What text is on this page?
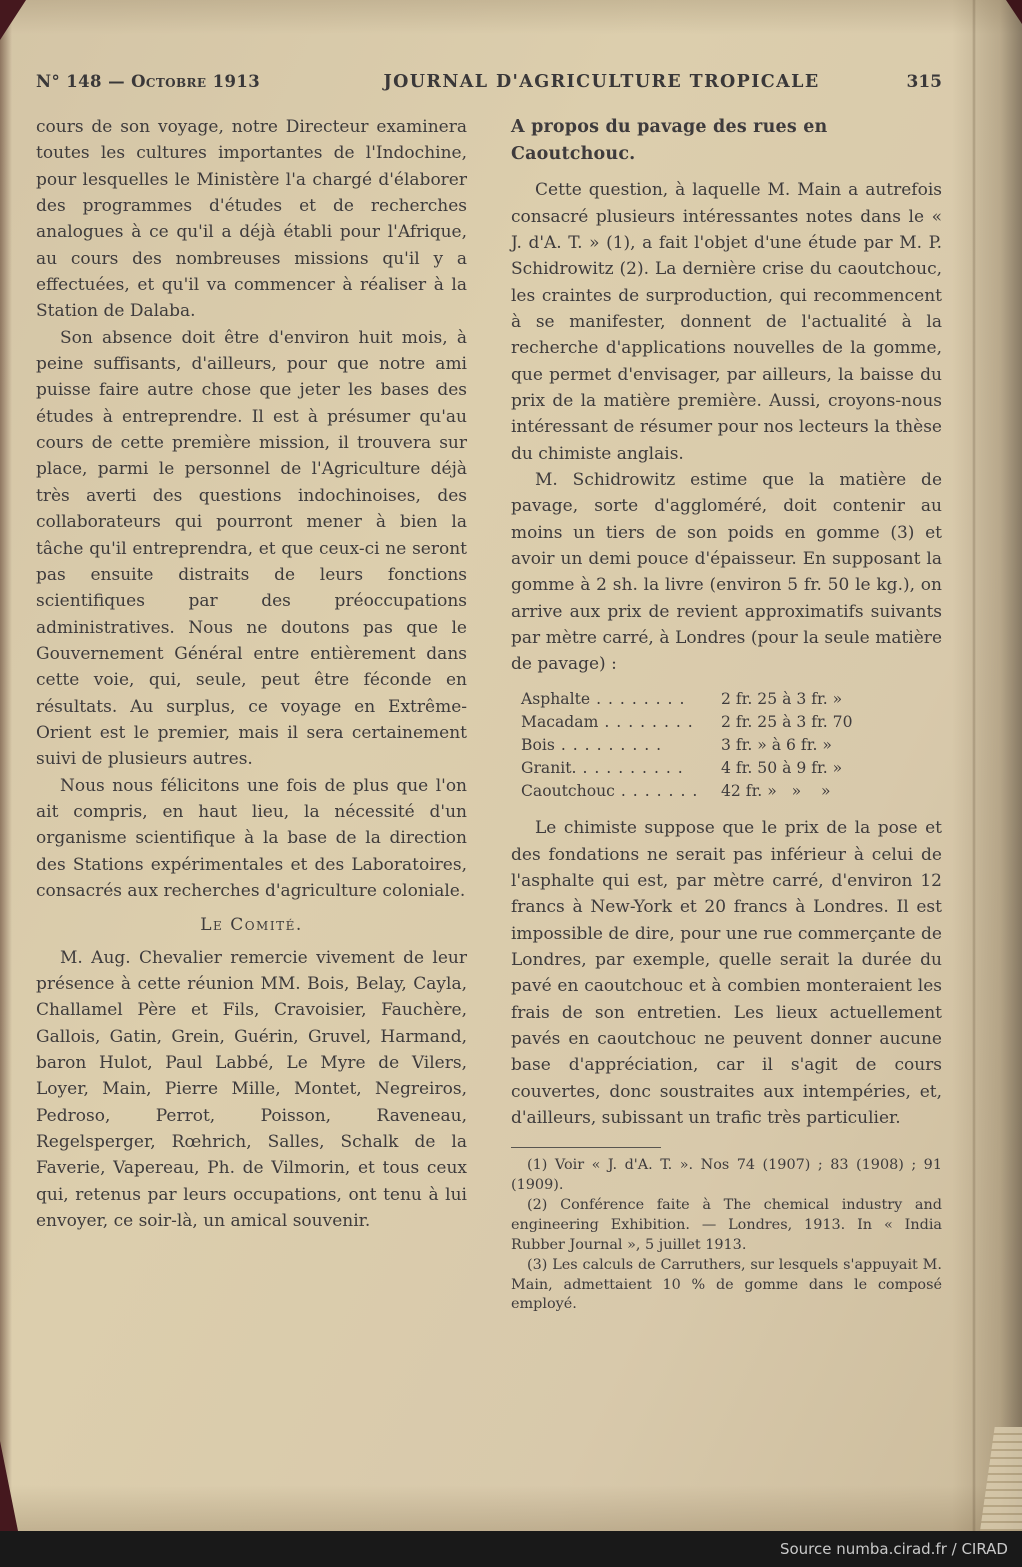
N° 148 — Octobre 1913	JOURNAL D'AGRICULTURE TROPICALE	315

cours de son voyage, notre Directeur examinera toutes les cultures importantes de l'Indochine, pour lesquelles le Ministère l'a chargé d'élaborer des programmes d'études et de recherches analogues à ce qu'il a déjà établi pour l'Afrique, au cours des nombreuses missions qu'il y a effectuées, et qu'il va commencer à réaliser à la Station de Dalaba.

Son absence doit être d'environ huit mois, à peine suffisants, d'ailleurs, pour que notre ami puisse faire autre chose que jeter les bases des études à entreprendre. Il est à présumer qu'au cours de cette première mission, il trouvera sur place, parmi le personnel de l'Agriculture déjà très averti des questions indochinoises, des collaborateurs qui pourront mener à bien la tâche qu'il entreprendra, et que ceux-ci ne seront pas ensuite distraits de leurs fonctions scientifiques par des préoccupations administratives. Nous ne doutons pas que le Gouvernement Général entre entièrement dans cette voie, qui, seule, peut être féconde en résultats. Au surplus, ce voyage en Extrême-Orient est le premier, mais il sera certainement suivi de plusieurs autres.

Nous nous félicitons une fois de plus que l'on ait compris, en haut lieu, la nécessité d'un organisme scientifique à la base de la direction des Stations expérimentales et des Laboratoires, consacrés aux recherches d'agriculture coloniale.

Le Comité.

M. Aug. Chevalier remercie vivement de leur présence à cette réunion MM. Bois, Belay, Cayla, Challamel Père et Fils, Cravoisier, Fauchère, Gallois, Gatin, Grein, Guérin, Gruvel, Harmand, baron Hulot, Paul Labbé, Le Myre de Vilers, Loyer, Main, Pierre Mille, Montet, Negreiros, Pedroso, Perrot, Poisson, Raveneau, Regelsperger, Rœhrich, Salles, Schalk de la Faverie, Vapereau, Ph. de Vilmorin, et tous ceux qui, retenus par leurs occupations, ont tenu à lui envoyer, ce soir-là, un amical souvenir.

A propos du pavage des rues en Caoutchouc.

Cette question, à laquelle M. Main a autrefois consacré plusieurs intéressantes notes dans le « J. d'A. T. » (1), a fait l'objet d'une étude par M. P. Schidrowitz (2). La dernière crise du caoutchouc, les craintes de surproduction, qui recommencent à se manifester, donnent de l'actualité à la recherche d'applications nouvelles de la gomme, que permet d'envisager, par ailleurs, la baisse du prix de la matière première. Aussi, croyons-nous intéressant de résumer pour nos lecteurs la thèse du chimiste anglais.

M. Schidrowitz estime que la matière de pavage, sorte d'aggloméré, doit contenir au moins un tiers de son poids en gomme (3) et avoir un demi pouce d'épaisseur. En supposant la gomme à 2 sh. la livre (environ 5 fr. 50 le kg.), on arrive aux prix de revient approximatifs suivants par mètre carré, à Londres (pour la seule matière de pavage) :

Asphalte . . . . . . . .	2 fr. 25 à 3 fr. »
Macadam . . . . . . . .	2 fr. 25 à 3 fr. 70
Bois . . . . . . . . .	3 fr. » à 6 fr. »
Granit. . . . . . . . . .	4 fr. 50 à 9 fr. »
Caoutchouc . . . . . . .	42 fr. »   »    »

Le chimiste suppose que le prix de la pose et des fondations ne serait pas inférieur à celui de l'asphalte qui est, par mètre carré, d'environ 12 francs à New-York et 20 francs à Londres. Il est impossible de dire, pour une rue commerçante de Londres, par exemple, quelle serait la durée du pavé en caoutchouc et à combien monteraient les frais de son entretien. Les lieux actuellement pavés en caoutchouc ne peuvent donner aucune base d'appréciation, car il s'agit de cours couvertes, donc soustraites aux intempéries, et, d'ailleurs, subissant un trafic très particulier.

(1) Voir « J. d'A. T. ». Nos 74 (1907) ; 83 (1908) ; 91 (1909).

(2) Conférence faite à The chemical industry and engineering Exhibition. — Londres, 1913. In « India Rubber Journal », 5 juillet 1913.

(3) Les calculs de Carruthers, sur lesquels s'appuyait M. Main, admettaient 10 % de gomme dans le composé employé.

Source numba.cirad.fr / CIRAD
